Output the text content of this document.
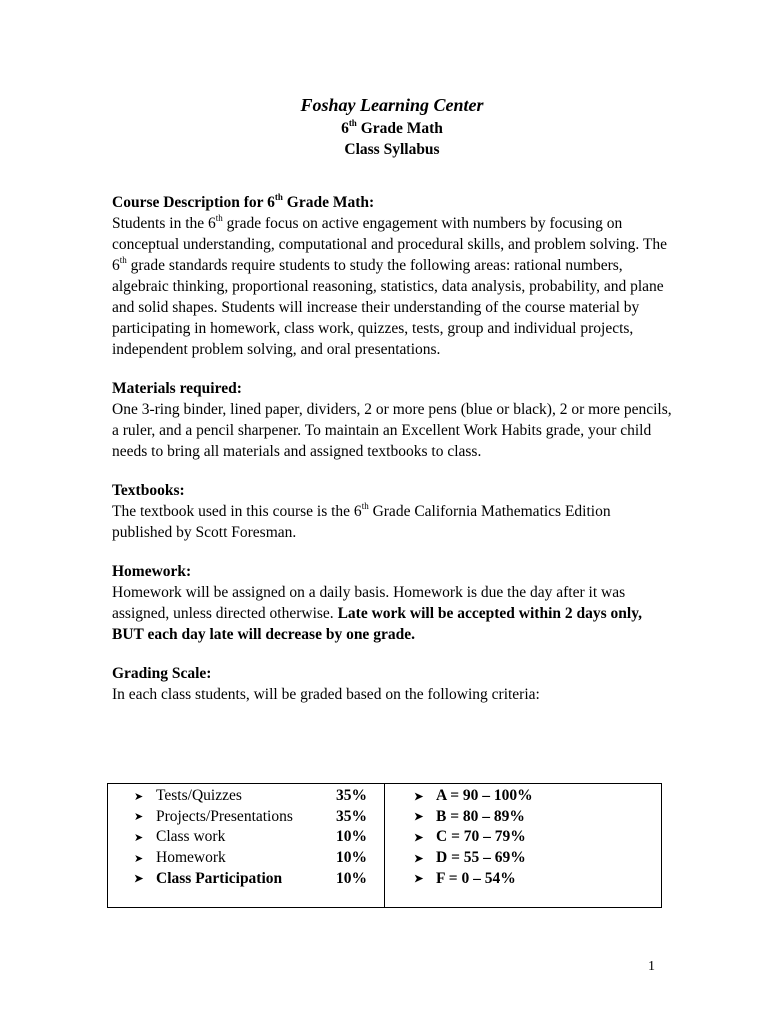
Foshay Learning Center
6th Grade Math
Class Syllabus
Course Description for 6th Grade Math:
Students in the 6th grade focus on active engagement with numbers by focusing on conceptual understanding, computational and procedural skills, and problem solving. The 6th grade standards require students to study the following areas: rational numbers, algebraic thinking, proportional reasoning, statistics, data analysis, probability, and plane and solid shapes. Students will increase their understanding of the course material by participating in homework, class work, quizzes, tests, group and individual projects, independent problem solving, and oral presentations.
Materials required:
One 3-ring binder, lined paper, dividers, 2 or more pens (blue or black), 2 or more pencils, a ruler, and a pencil sharpener. To maintain an Excellent Work Habits grade, your child needs to bring all materials and assigned textbooks to class.
Textbooks:
The textbook used in this course is the 6th Grade California Mathematics Edition published by Scott Foresman.
Homework:
Homework will be assigned on a daily basis. Homework is due the day after it was assigned, unless directed otherwise. Late work will be accepted within 2 days only, BUT each day late will decrease by one grade.
Grading Scale:
In each class students, will be graded based on the following criteria:
➤ Tests/Quizzes	35%
➤ Projects/Presentations	35%
➤ Class work	10%
➤ Homework	10%
➤ Class Participation	10%
➤ A = 90 – 100%
➤ B = 80 – 89%
➤ C = 70 – 79%
➤ D = 55 – 69%
➤ F = 0 – 54%
1
